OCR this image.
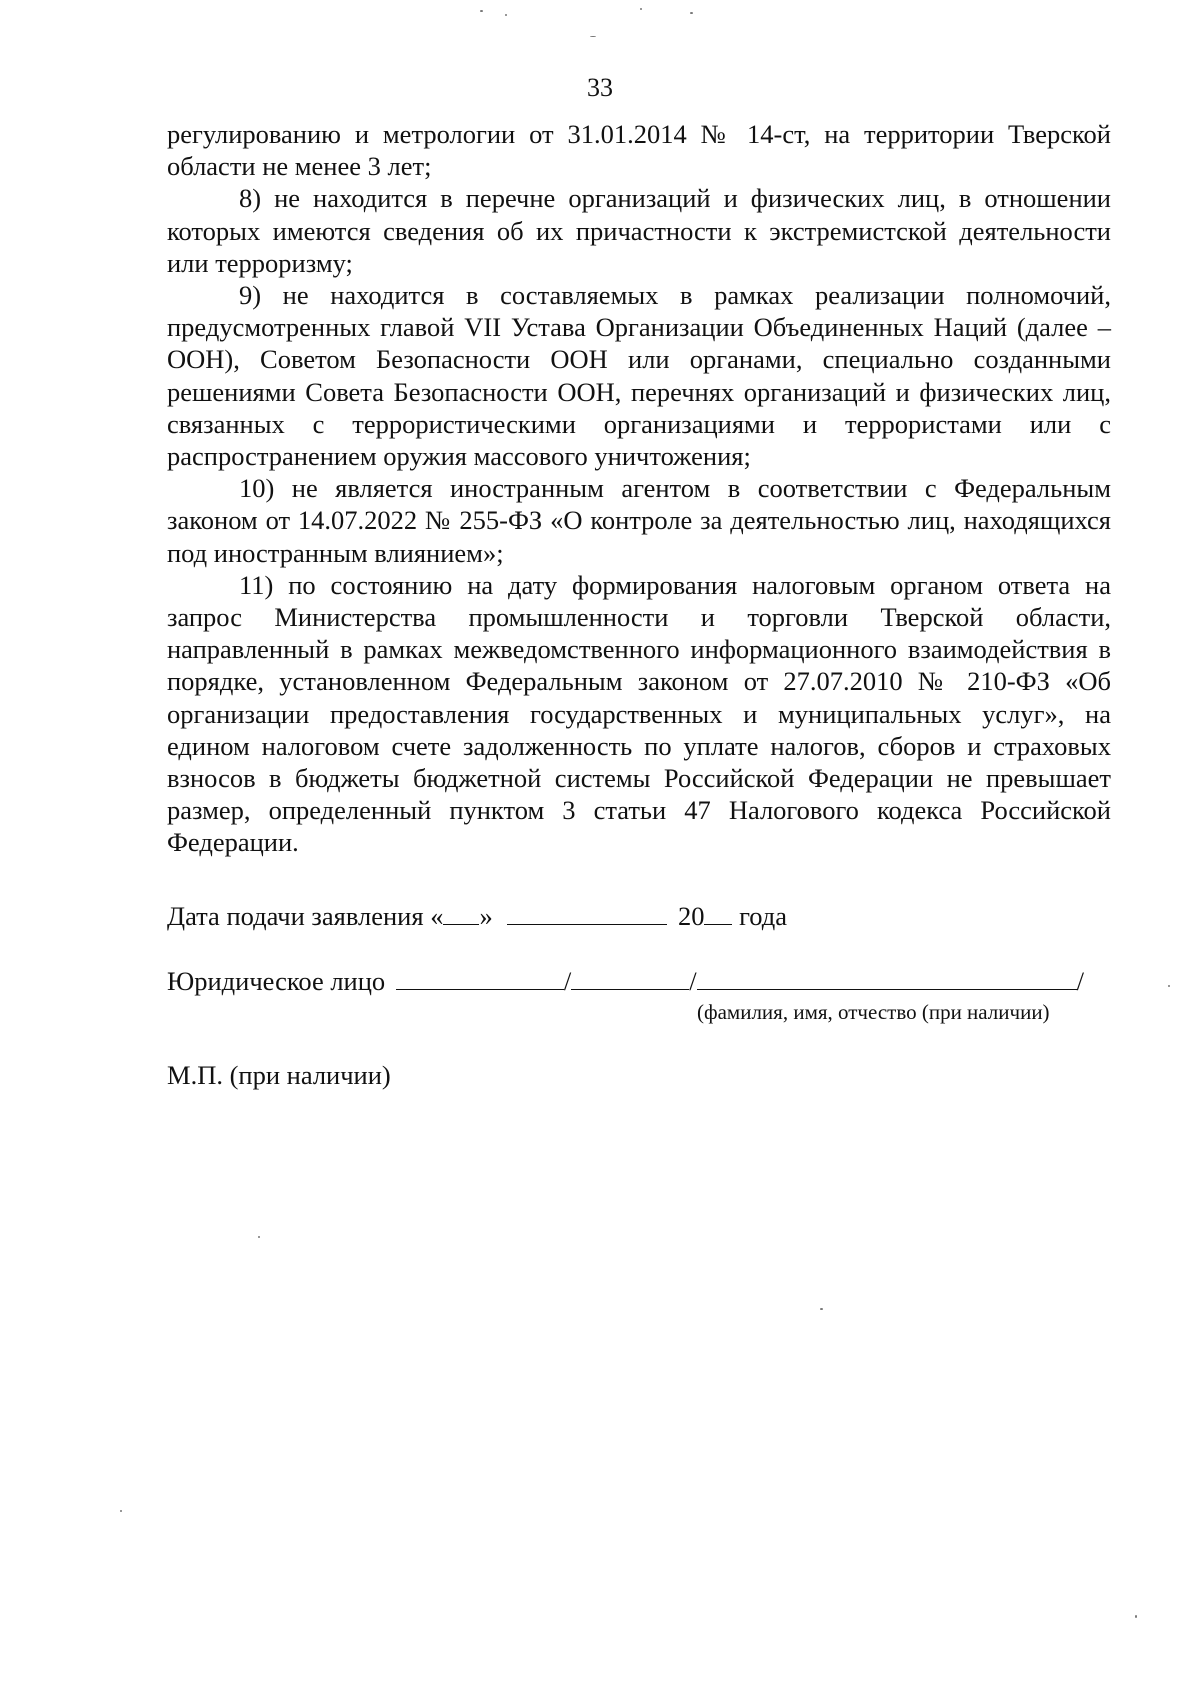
33

регулированию и метрологии от 31.01.2014 № 14-ст, на территории Тверской области не менее 3 лет;

8) не находится в перечне организаций и физических лиц, в отношении которых имеются сведения об их причастности к экстремистской деятельности или терроризму;

9) не находится в составляемых в рамках реализации полномочий, предусмотренных главой VII Устава Организации Объединенных Наций (далее – ООН), Советом Безопасности ООН или органами, специально созданными решениями Совета Безопасности ООН, перечнях организаций и физических лиц, связанных с террористическими организациями и террористами или с распространением оружия массового уничтожения;

10) не является иностранным агентом в соответствии с Федеральным законом от 14.07.2022 № 255-ФЗ «О контроле за деятельностью лиц, находящихся под иностранным влиянием»;

11) по состоянию на дату формирования налоговым органом ответа на запрос Министерства промышленности и торговли Тверской области, направленный в рамках межведомственного информационного взаимодействия в порядке, установленном Федеральным законом от 27.07.2010 № 210-ФЗ «Об организации предоставления государственных и муниципальных услуг», на едином налоговом счете задолженность по уплате налогов, сборов и страховых взносов в бюджеты бюджетной системы Российской Федерации не превышает размер, определенный пунктом 3 статьи 47 Налогового кодекса Российской Федерации.

Дата подачи заявления « »	20 года
Юридическое лицо	/	/	/
(фамилия, имя, отчество (при наличии)
М.П. (при наличии)
